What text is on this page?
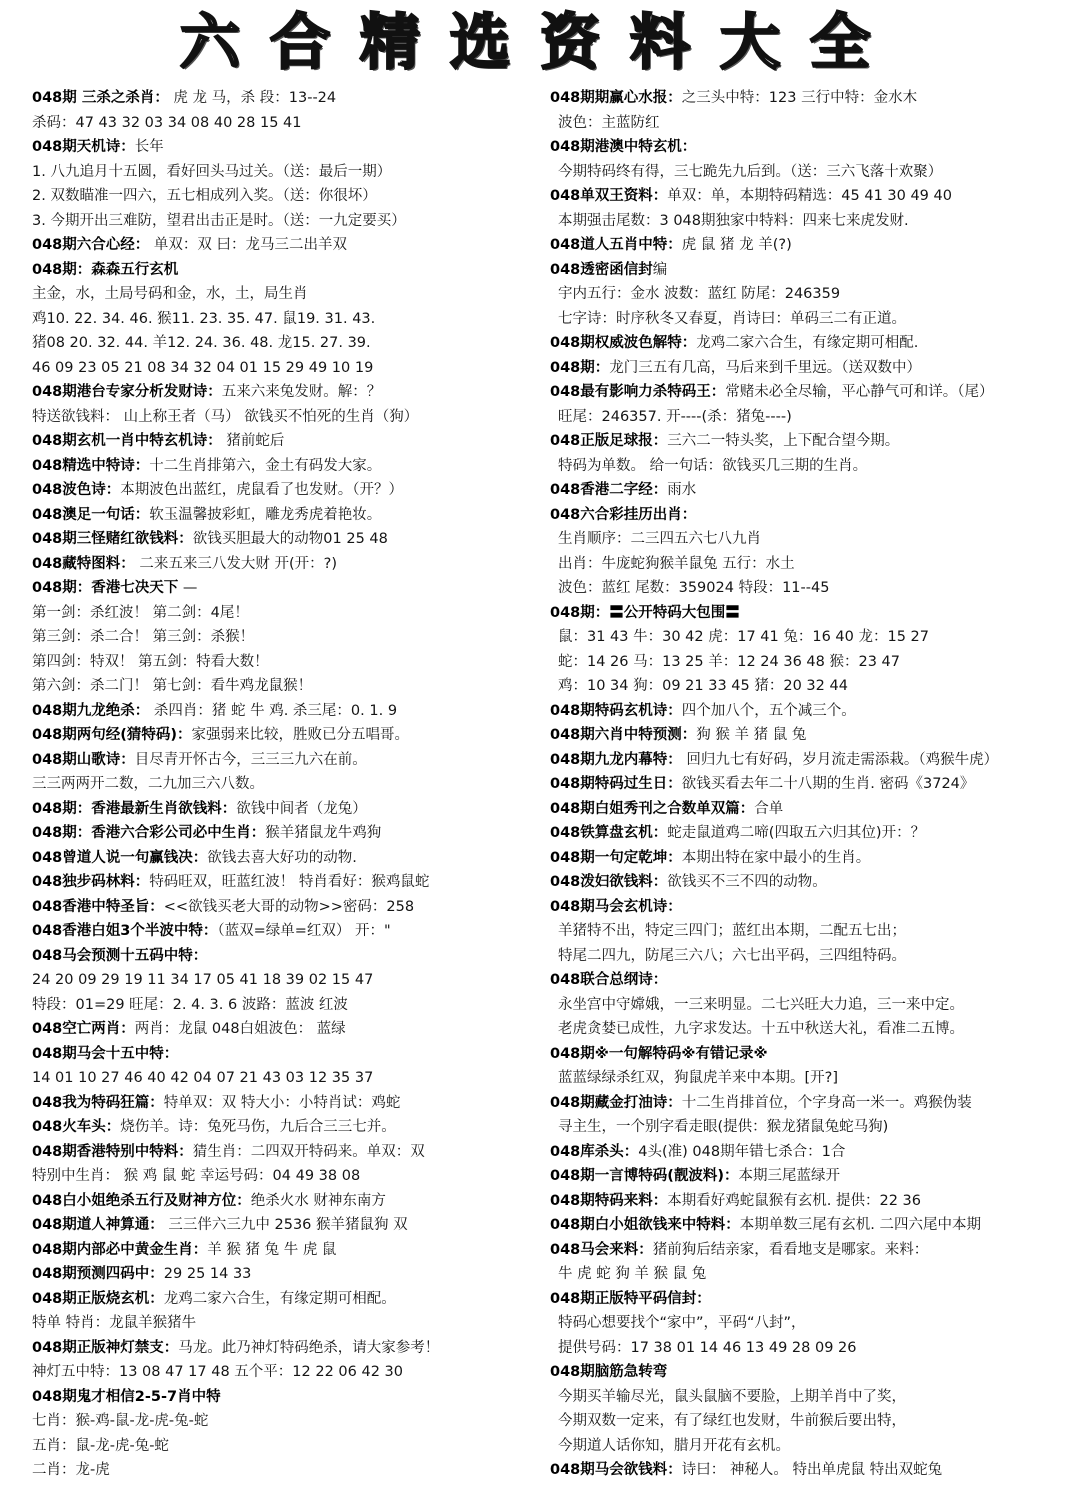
六合精选资料大全
048期 三杀之杀肖： 虎 龙 马，杀 段：13--24
杀码：47 43 32 03 34 08 40 28 15 41
048期天机诗：长年
1. 八九追月十五圆，看好回头马过关。（送：最后一期）
2. 双数瞄准一四六，五七相成列入奖。（送：你很坏）
3. 今期开出三难防，望君出击正是时。（送：一九定要买）
048期六合心经： 单双：双 曰：龙马三二出羊双
048期：森森五行玄机
主金，水，土局号码和金，水，土，局生肖
鸡10. 22. 34. 46. 猴11. 23. 35. 47. 鼠19. 31. 43.
猪08 20. 32. 44. 羊12. 24. 36. 48. 龙15. 27. 39.
46 09 23 05 21 08 34 32 04 01 15 29 49 10 19
048期港台专家分析发财诗：五来六来兔发财。解：？
特送欲钱料： 山上称王者（马） 欲钱买不怕死的生肖（狗）
048期玄机一肖中特玄机诗： 猪前蛇后
048精选中特诗：十二生肖排第六，金土有码发大家。
048波色诗：本期波色出蓝红，虎鼠看了也发财。（开？）
048澳足一句话：软玉温馨披彩虹，雕龙秀虎着艳妆。
048期三怪赌红欲钱料：欲钱买胆最大的动物01 25 48
048藏特图料： 二来五来三八发大财 开(开：?)
048期：香港七决天下 —
第一剑：杀红波！ 第二剑：4尾！
第三剑：杀二合！ 第三剑：杀猴！
第四剑：特双！ 第五剑：特看大数！
第六剑：杀二门！ 第七剑：看牛鸡龙鼠猴！
048期九龙绝杀： 杀四肖：猪 蛇 牛 鸡. 杀三尾：0. 1. 9
048期两句经(猜特码)：家强弱来比较，胜败已分五唱哥。
048期山歌诗：目尽青开怀古今，三三三九六在前。
三三两两开二数，二九加三六八数。
048期：香港最新生肖欲钱料：欲钱中间者（龙兔）
048期：香港六合彩公司必中生肖：猴羊猪鼠龙牛鸡狗
048曾道人说一句赢钱决：欲钱去喜大好功的动物.
048独步码林料：特码旺双，旺蓝红波！ 特肖看好：猴鸡鼠蛇
048香港中特圣旨：<<欲钱买老大哥的动物>>密码：258
048香港白姐3个半波中特：（蓝双=绿单=红双） 开："
048马会预测十五码中特：
24 20 09 29 19 11 34 17 05 41 18 39 02 15 47
特段：01=29 旺尾：2. 4. 3. 6 波路：蓝波 红波
048空亡两肖：两肖：龙鼠 048白姐波色： 蓝绿
048期马会十五中特：
14 01 10 27 46 40 42 04 07 21 43 03 12 35 37
048我为特码狂篇：特单双：双 特大小：小特肖试：鸡蛇
048火车头：烧伤羊。诗：兔死马伤，九后合三三七并。
048期香港特别中特料：猜生肖：二四双开特码来。单双：双
特别中生肖： 猴 鸡 鼠 蛇 幸运号码：04 49 38 08
048白小姐绝杀五行及财神方位：绝杀火水 财神东南方
048期道人神算通： 三三伴六三九中 2536 猴羊猪鼠狗 双
048期内部必中黄金生肖：羊 猴 猪 兔 牛 虎 鼠
048期预测四码中：29 25 14 33
048期正版烧玄机：龙鸡二家六合生，有缘定期可相配。
特单 特肖：龙鼠羊猴猪牛
048期正版神灯禁支：马龙。此乃神灯特码绝杀，请大家参考！
神灯五中特：13 08 47 17 48 五个平：12 22 06 42 30
048期鬼才相信2-5-7肖中特
七肖：猴-鸡-鼠-龙-虎-兔-蛇
五肖：鼠-龙-虎-兔-蛇
二肖：龙-虎
048期期赢心水报：之三头中特：123 三行中特：金水木
波色：主蓝防红
048期港澳中特玄机：
今期特码终有得，三七跪先九后到。（送：三六飞落十欢聚）
048单双王资料：单双：单，本期特码精选：45 41 30 49 40
本期强击尾数：3 048期独家中特料：四来七来虎发财.
048道人五肖中特：虎 鼠 猪 龙 羊(?)
048透密函信封编
宇内五行：金水 波数：蓝红 防尾：246359
七字诗：时序秋冬又春夏，肖诗曰：单码三二有正道。
048期权威波色解特：龙鸡二家六合生，有缘定期可相配.
048期：龙门三五有几高，马后来到千里远。（送双数中）
048最有影响力杀特码王：常赌未必全尽输，平心静气可和详。（尾）
旺尾：246357. 开----(杀：猪兔----)
048正版足球报：三六二一特头奖，上下配合望今期。
特码为单数。 给一句话：欲钱买几三期的生肖。
048香港二字经：雨水
048六合彩挂历出肖：
生肖顺序：二三四五六七八九肖
出肖：牛庞蛇狗猴羊鼠兔 五行：水土
波色：蓝红 尾数：359024 特段：11--45
048期：〓公开特码大包围〓
鼠：31 43 牛：30 42 虎：17 41 兔：16 40 龙：15 27
蛇：14 26 马：13 25 羊：12 24 36 48 猴：23 47
鸡：10 34 狗：09 21 33 45 猪：20 32 44
048期特码玄机诗：四个加八个，五个减三个。
048期六肖中特预测：狗 猴 羊 猪 鼠 兔
048期九龙内幕特： 回归九七有好码，岁月流走需添栽。（鸡猴牛虎）
048期特码过生日：欲钱买看去年二十八期的生肖. 密码《3724》
048期白姐秀刊之合数单双篇：合单
048铁算盘玄机：蛇走鼠道鸡二啼(四取五六归其位)开：？
048期一句定乾坤：本期出特在家中最小的生肖。
048泼妇欲钱料：欲钱买不三不四的动物。
048期马会玄机诗：
羊猪特不出，特定三四门；蓝红出本期，二配五七出；
特尾二四九，防尾三六八；六七出平码，三四组特码。
048联合总纲诗：
永坐宫中守嫦娥，一三来明显。二七兴旺大力追，三一来中定。
老虎贪婪已成性，九字求发达。十五中秋送大礼，看准二五博。
048期※一句解特码※有错记录※
蓝蓝绿绿杀红双，狗鼠虎羊来中本期。[开?]
048期藏金打油诗：十二生肖排首位，个字身高一米一。鸡猴伪装
寻主生，一个别字看走眼(提供：猴龙猪鼠兔蛇马狗)
048库杀头：4头(准) 048期年错七杀合：1合
048期一言博特码(靓波料)：本期三尾蓝绿开
048期特码来料：本期看好鸡蛇鼠猴有玄机. 提供：22 36
048期白小姐欲钱来中特料：本期单数三尾有玄机. 二四六尾中本期
048马会来料：猪前狗后结亲家，看看地支是哪家。来料：
牛 虎 蛇 狗 羊 猴 鼠 兔
048期正版特平码信封：
特码心想要找个“家中”，平码“八封”，
提供号码：17 38 01 14 46 13 49 28 09 26
048期脑筋急转弯
今期买羊输尽光，鼠头鼠脑不要脸，上期羊肖中了奖，
今期双数一定来，有了绿红也发财，牛前猴后要出特，
今期道人话你知，腊月开花有玄机。
048期马会欲钱料：诗曰： 神秘人。 特出单虎鼠 特出双蛇兔
